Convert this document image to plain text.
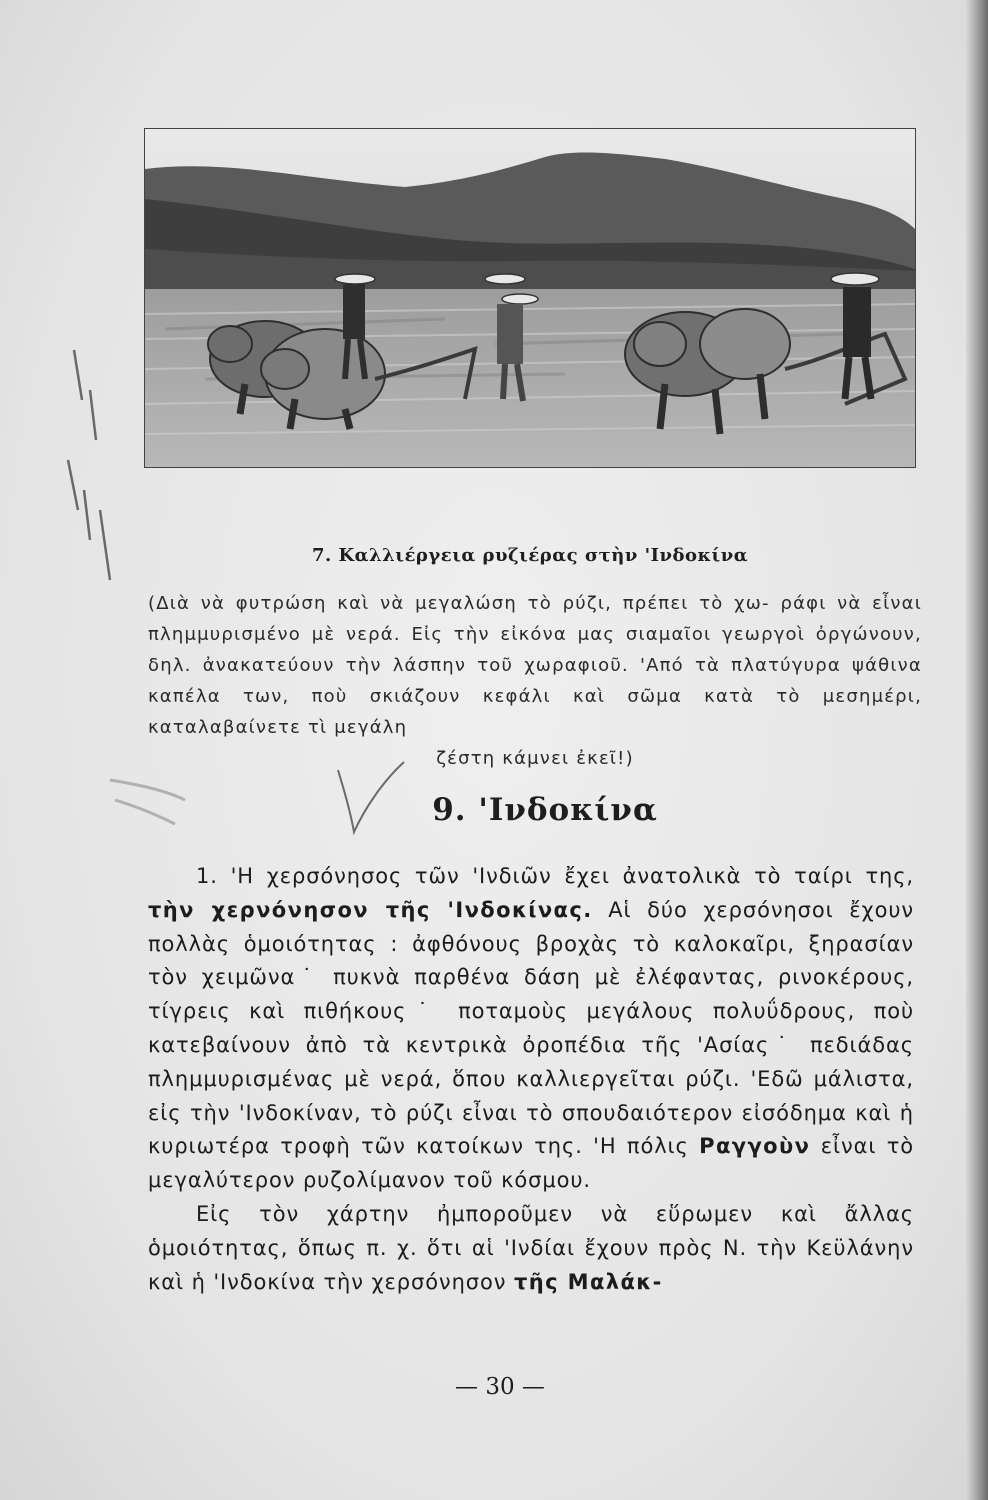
7. Καλλιέργεια ρυζιέρας στὴν 'Ινδοκίνα
(Διὰ νὰ φυτρώση καὶ νὰ μεγαλώση τὸ ρύζι, πρέπει τὸ χω- ράφι νὰ εἶναι πλημμυρισμένο μὲ νερά. Εἰς τὴν εἰκόνα μας σιαμαῖοι γεωργοὶ ὀργώνουν, δηλ. ἀνακατεύουν τὴν λάσπην τοῦ χωραφιοῦ. 'Από τὰ πλατύγυρα ψάθινα καπέλα των, ποὺ σκιάζουν κεφάλι καὶ σῶμα κατὰ τὸ μεσημέρι, καταλαβαίνετε τὶ μεγάλη
ζέστη κάμνει ἐκεῖ!)
9. 'Ινδοκίνα

1. 'Η χερσόνησος τῶν 'Ινδιῶν ἔχει ἀνατολικὰ τὸ ταίρι της, τὴν χερνόνησον τῆς 'Ινδοκίνας. Αἱ δύο χερσόνησοι ἔχουν πολλὰς ὁμοιότητας : ἀφθόνους βροχὰς τὸ καλοκαῖρι, ξηρασίαν τὸν χειμῶνα˙ πυκνὰ παρθένα δάση μὲ ἐλέφαντας, ρινοκέρους, τίγρεις καὶ πιθήκους˙ ποταμοὺς μεγάλους πολυΰδρους, ποὺ κατεβαίνουν ἀπὸ τὰ κεντρικὰ ὀροπέδια τῆς 'Ασίας˙ πεδιάδας πλημμυρισμένας μὲ νερά, ὅπου καλλιεργεῖται ρύζι. 'Εδῶ μάλιστα, εἰς τὴν 'Ινδοκίναν, τὸ ρύζι εἶναι τὸ σπουδαιότερον εἰσόδημα καὶ ἡ κυριωτέρα τροφὴ τῶν κατοίκων της. 'Η πόλις Ραγγοὺν εἶναι τὸ μεγαλύτερον ρυζολίμανον τοῦ κόσμου.

Εἰς τὸν χάρτην ἠμποροῦμεν νὰ εὕρωμεν καὶ ἄλλας ὁμοιότητας, ὅπως π. χ. ὅτι αἱ 'Ινδίαι ἔχουν πρὸς Ν. τὴν Κεϋλάνην καὶ ἡ 'Ινδοκίνα τὴν χερσόνησον τῆς Μαλάκ-

— 30 —
